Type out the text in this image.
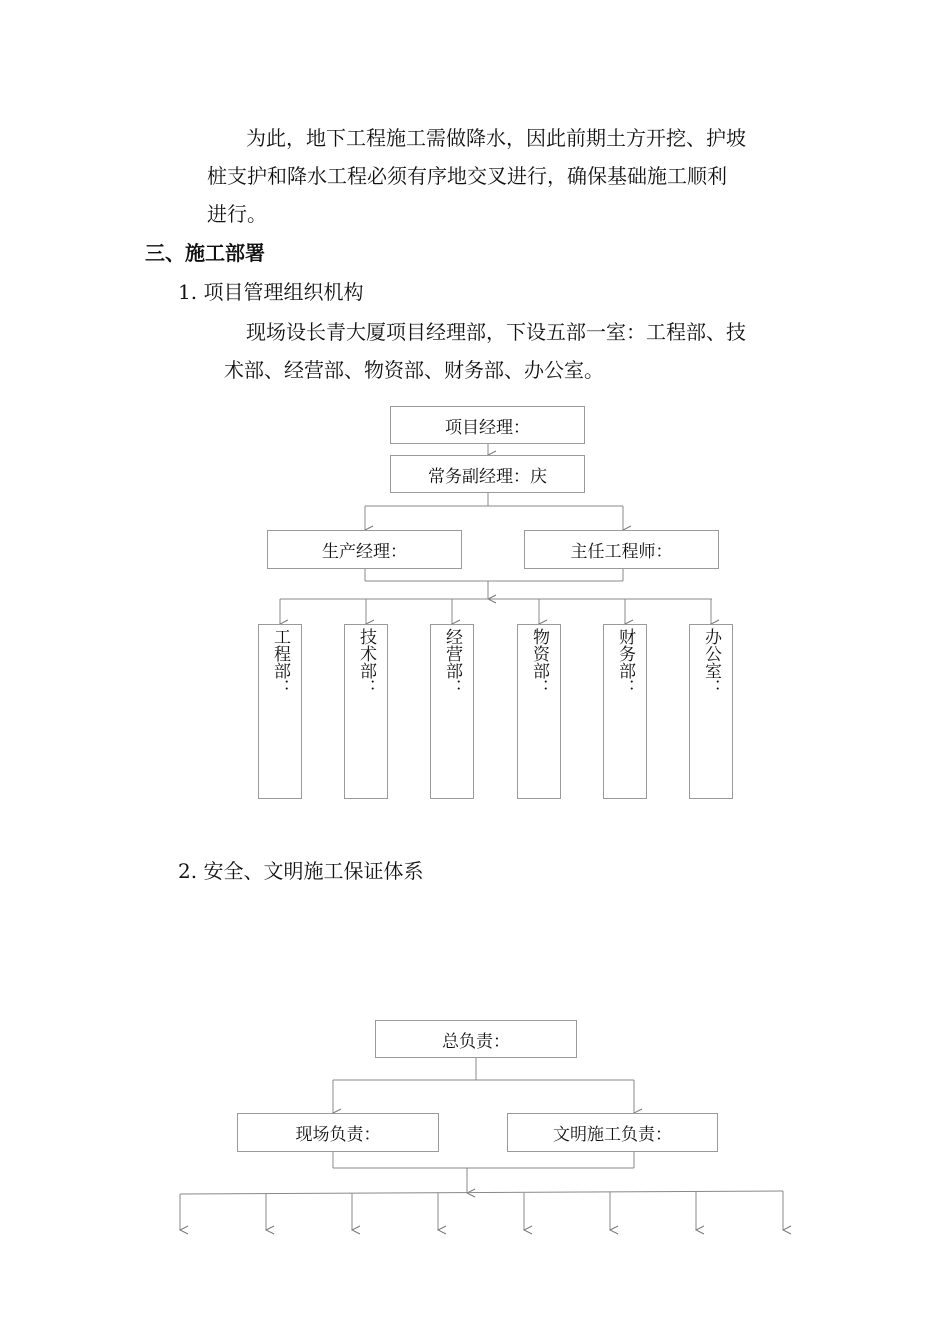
为此，地下工程施工需做降水，因此前期土方开挖、护坡
桩支护和降水工程必须有序地交叉进行，确保基础施工顺利
进行。
三、施工部署
1. 项目管理组织机构
现场设长青大厦项目经理部，下设五部一室：工程部、技
术部、经营部、物资部、财务部、办公室。
项目经理：
常务副经理：庆
生产经理：	主任工程师：
工程部：	技术部：	经营部：	物资部：	财务部：	办公室：
2. 安全、文明施工保证体系
总负责：
现场负责：	文明施工负责：
